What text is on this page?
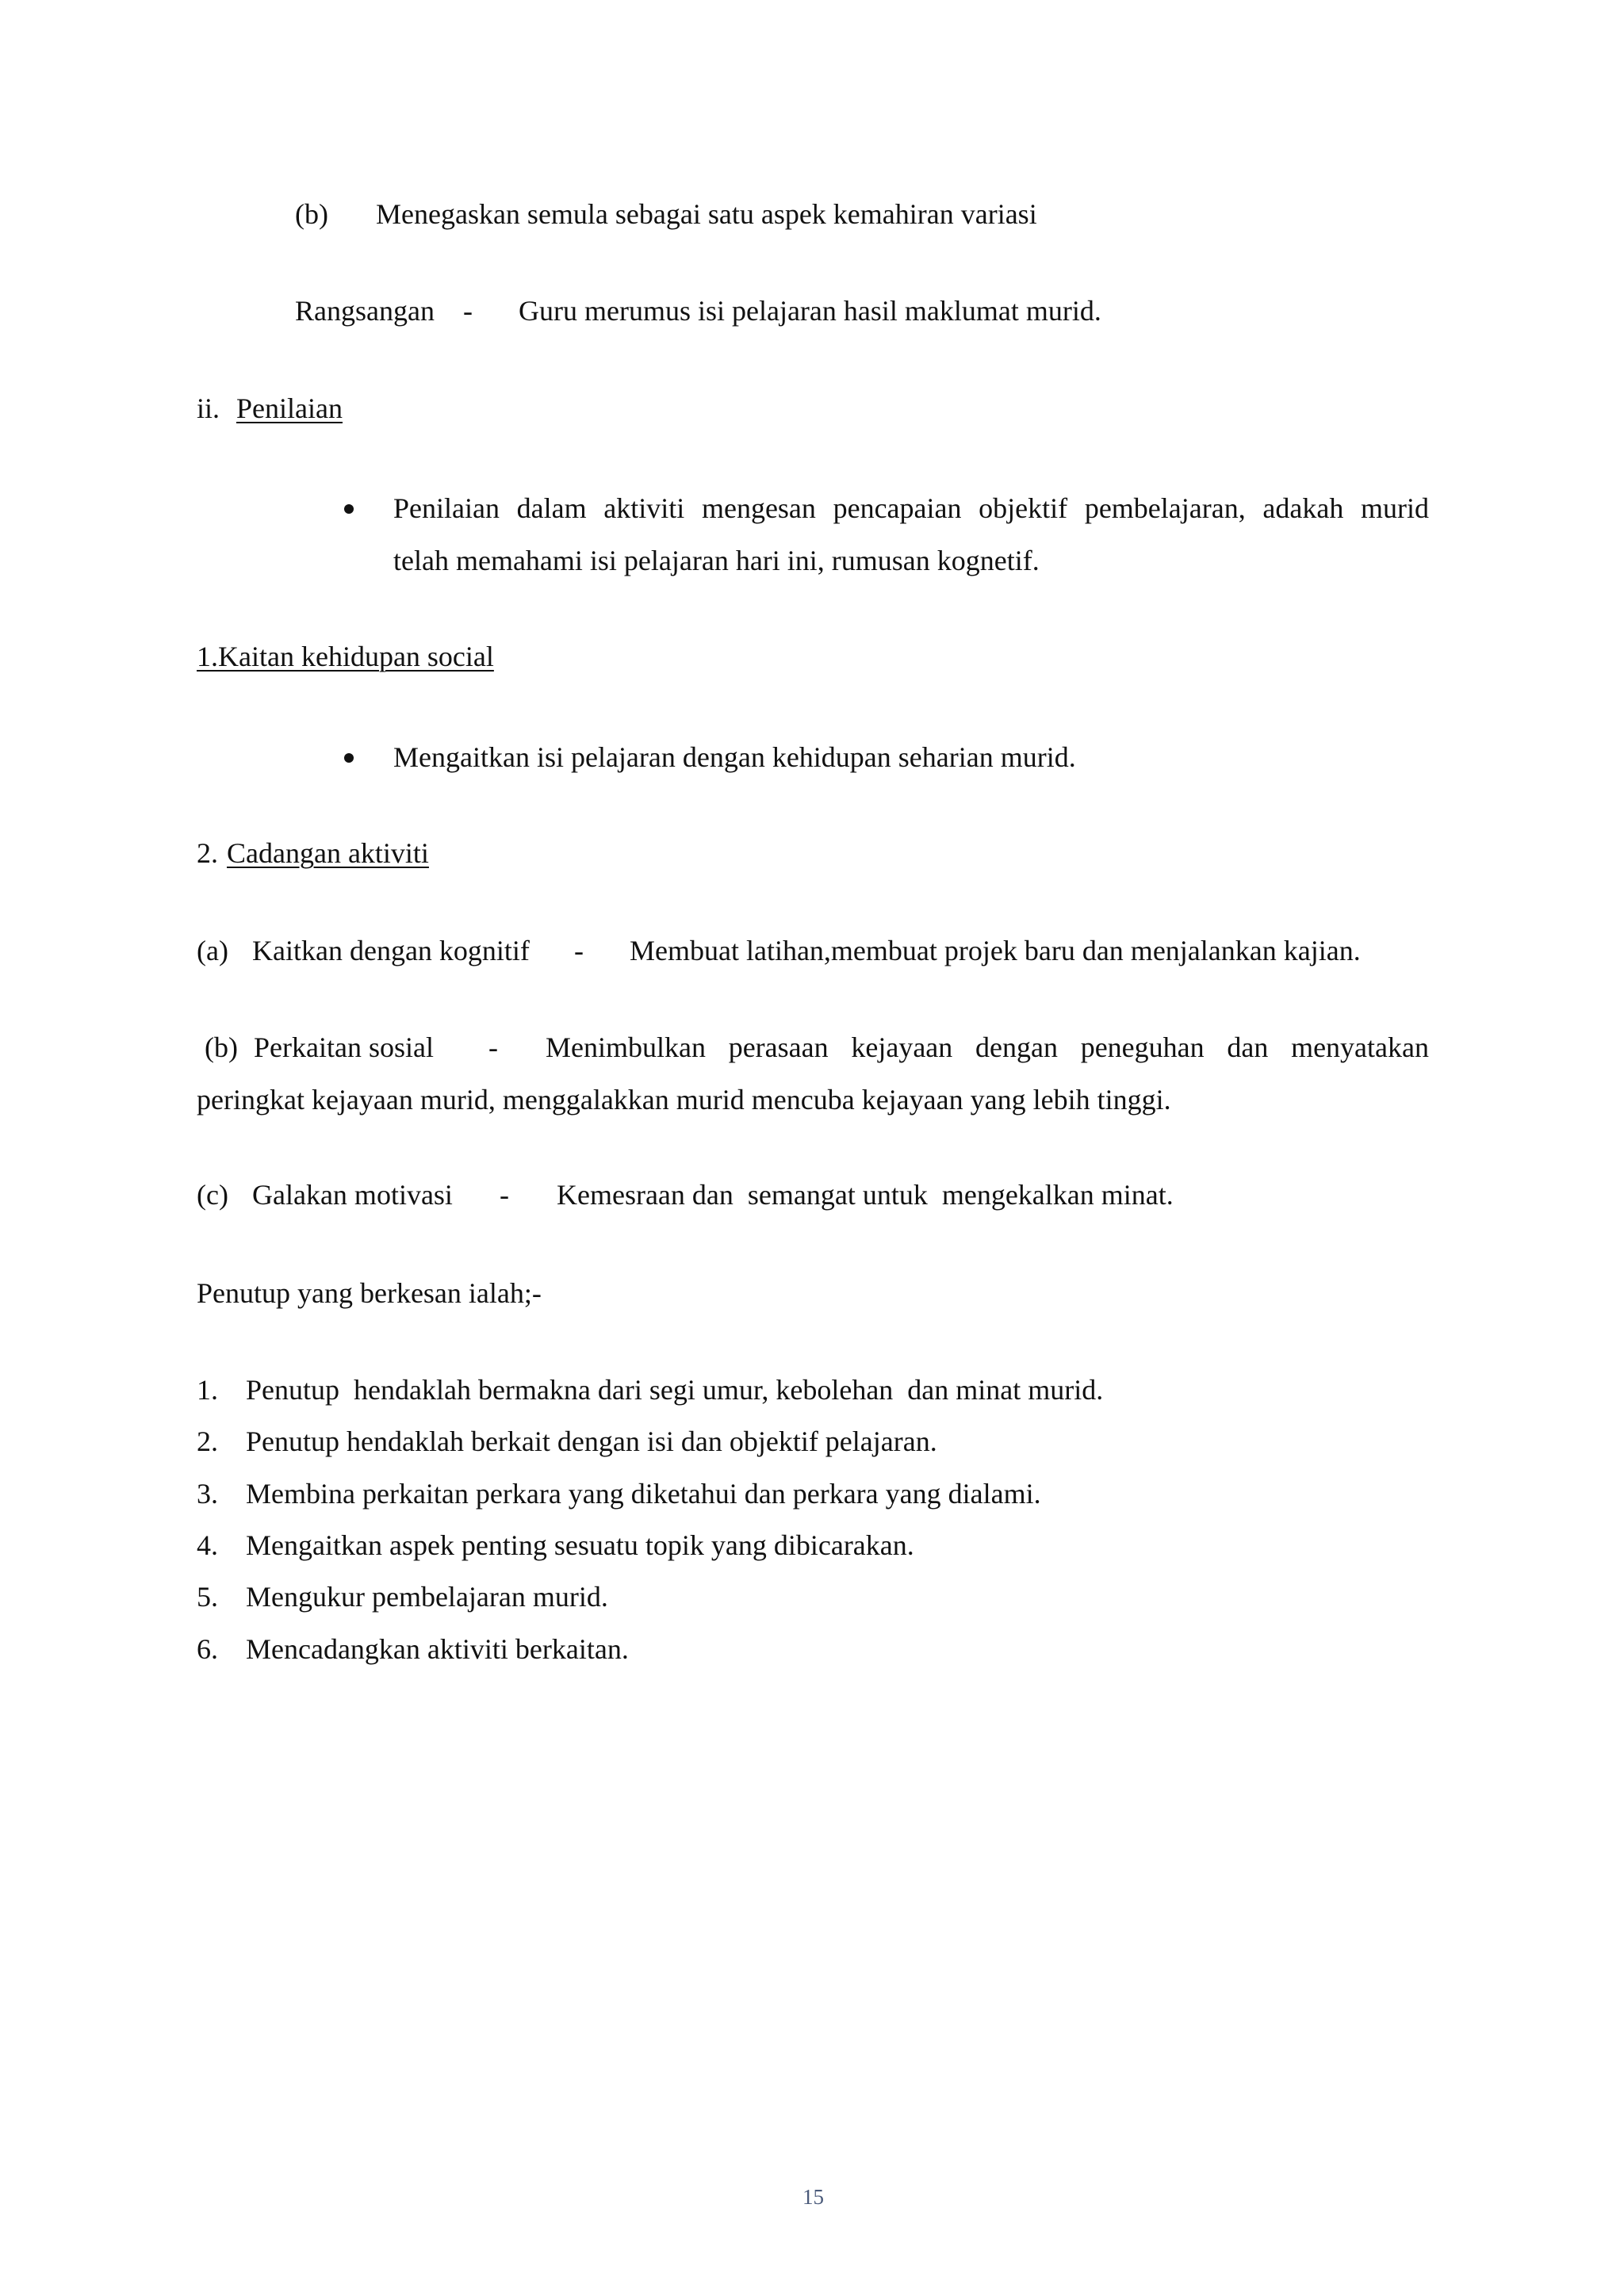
(b) Menegaskan semula sebagai satu aspek kemahiran variasi
Rangsangan - Guru merumus isi pelajaran hasil maklumat murid.
ii. Penilaian
Penilaian dalam aktiviti mengesan pencapaian objektif pembelajaran, adakah murid
telah memahami isi pelajaran hari ini, rumusan kognetif.
1.Kaitan kehidupan social
Mengaitkan isi pelajaran dengan kehidupan seharian murid.
2. Cadangan aktiviti
(a) Kaitkan dengan kognitif - Membuat latihan,membuat projek baru dan menjalankan kajian.
(b) Perkaitan sosial - Menimbulkan perasaan kejayaan dengan peneguhan dan menyatakan
peringkat kejayaan murid, menggalakkan murid mencuba kejayaan yang lebih tinggi.
(c) Galakan motivasi - Kemesraan dan  semangat untuk  mengekalkan minat.
Penutup yang berkesan ialah;-
1. Penutup  hendaklah bermakna dari segi umur, kebolehan  dan minat murid.
2. Penutup hendaklah berkait dengan isi dan objektif pelajaran.
3. Membina perkaitan perkara yang diketahui dan perkara yang dialami.
4. Mengaitkan aspek penting sesuatu topik yang dibicarakan.
5. Mengukur pembelajaran murid.
6. Mencadangkan aktiviti berkaitan.
15
